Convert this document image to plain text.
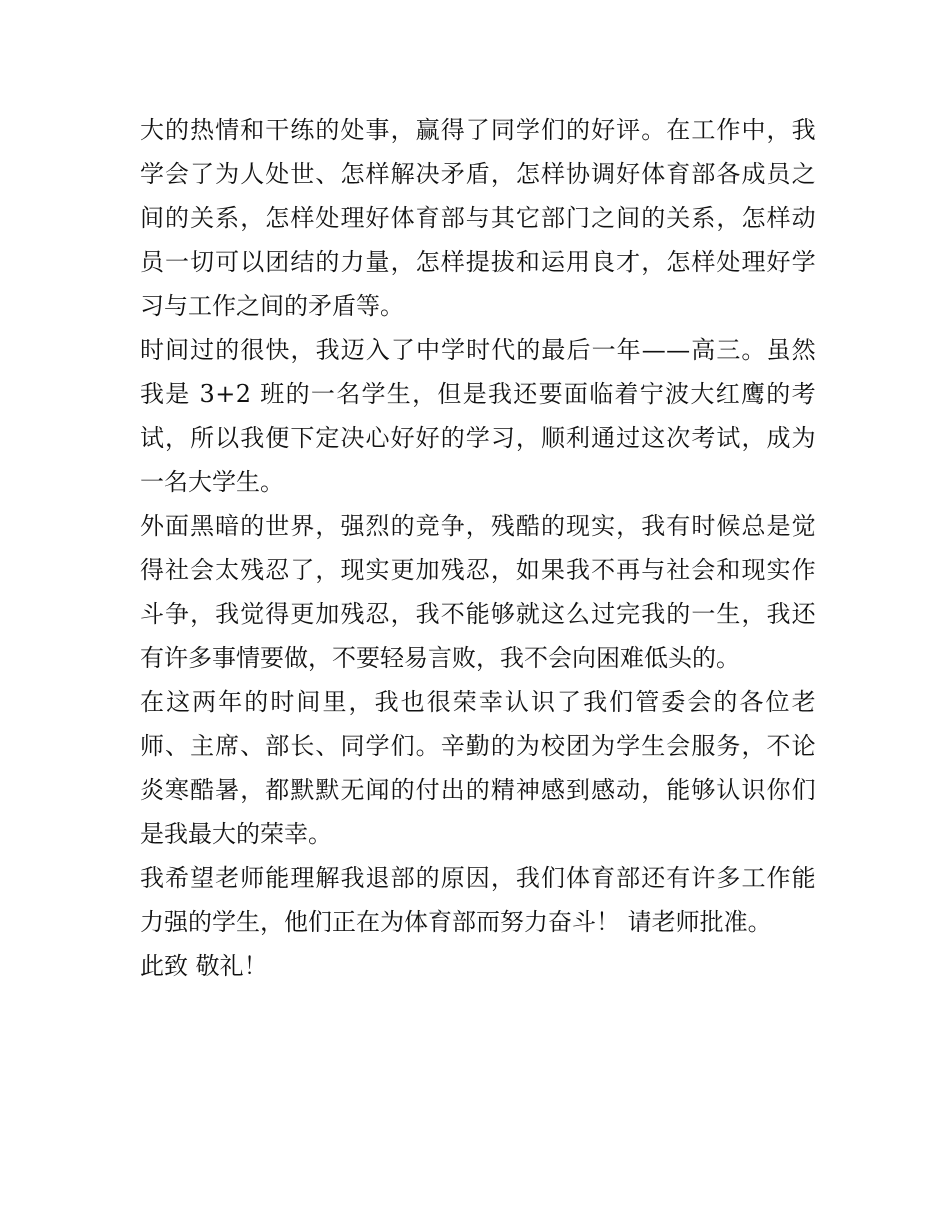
大的热情和干练的处事，赢得了同学们的好评。在工作中，我
学会了为人处世、怎样解决矛盾，怎样协调好体育部各成员之
间的关系，怎样处理好体育部与其它部门之间的关系，怎样动
员一切可以团结的力量，怎样提拔和运用良才，怎样处理好学
习与工作之间的矛盾等。
时间过的很快，我迈入了中学时代的最后一年——高三。虽然
我是 3+2 班的一名学生，但是我还要面临着宁波大红鹰的考
试，所以我便下定决心好好的学习，顺利通过这次考试，成为
一名大学生。
外面黑暗的世界，强烈的竞争，残酷的现实，我有时候总是觉
得社会太残忍了，现实更加残忍，如果我不再与社会和现实作
斗争，我觉得更加残忍，我不能够就这么过完我的一生，我还
有许多事情要做，不要轻易言败，我不会向困难低头的。
在这两年的时间里，我也很荣幸认识了我们管委会的各位老
师、主席、部长、同学们。辛勤的为校团为学生会服务，不论
炎寒酷暑，都默默无闻的付出的精神感到感动，能够认识你们
是我最大的荣幸。
我希望老师能理解我退部的原因，我们体育部还有许多工作能
力强的学生，他们正在为体育部而努力奋斗！ 请老师批准。
此致 敬礼！
